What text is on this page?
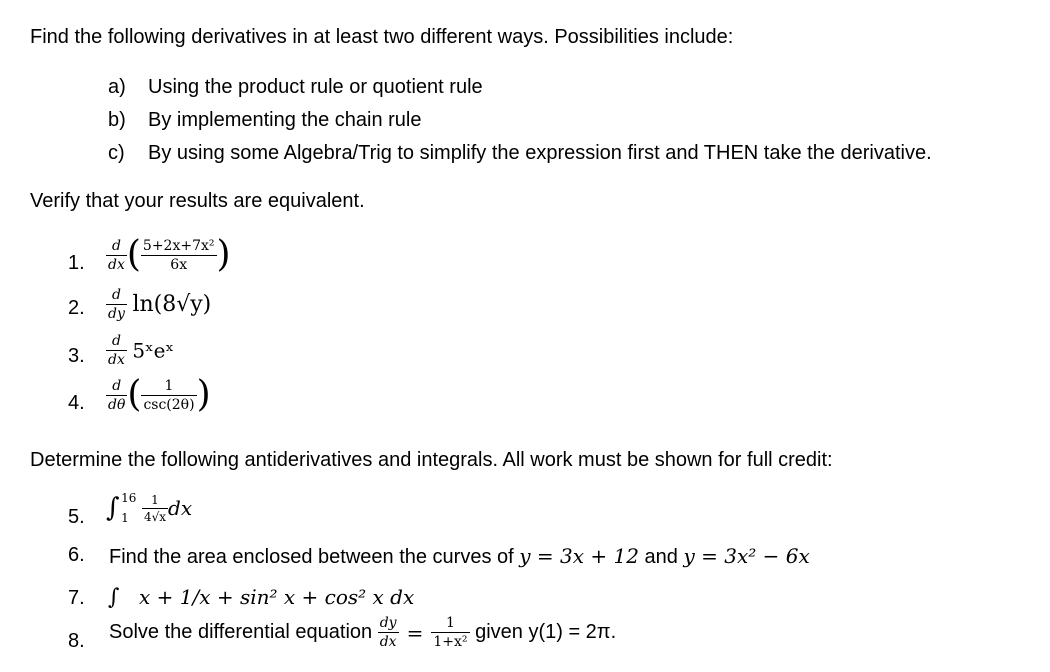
Find the following derivatives in at least two different ways. Possibilities include:
a) Using the product rule or quotient rule
b) By implementing the chain rule
c) By using some Algebra/Trig to simplify the expression first and THEN take the derivative.
Verify that your results are equivalent.
1. $\frac{d}{dx}$ ( $\frac{\text{5+2x+7x²}}{6x}$ )
2. $\frac{d}{dy} \ln(8√y)$
3. $\frac{d}{dx}$ 5ˣeˣ
4. $\frac{d}{d\theta}$ ( $\frac{1}{\csc(2\theta)}$ )
Determine the following antiderivatives and integrals. All work must be shown for full credit:
5. ∫ 16
1
	$\frac{1}{4√x}$ dx
6. Find the area enclosed between the curves of y = 3x + 12 and y = 3x² − 6x
7. ∫ x + 1/x + sin² x + cos² x dx
8. Solve the differential equation $\frac{dy}{dx} = \frac{1}{\text{1+x²}}$ given y(1) = 2π.
